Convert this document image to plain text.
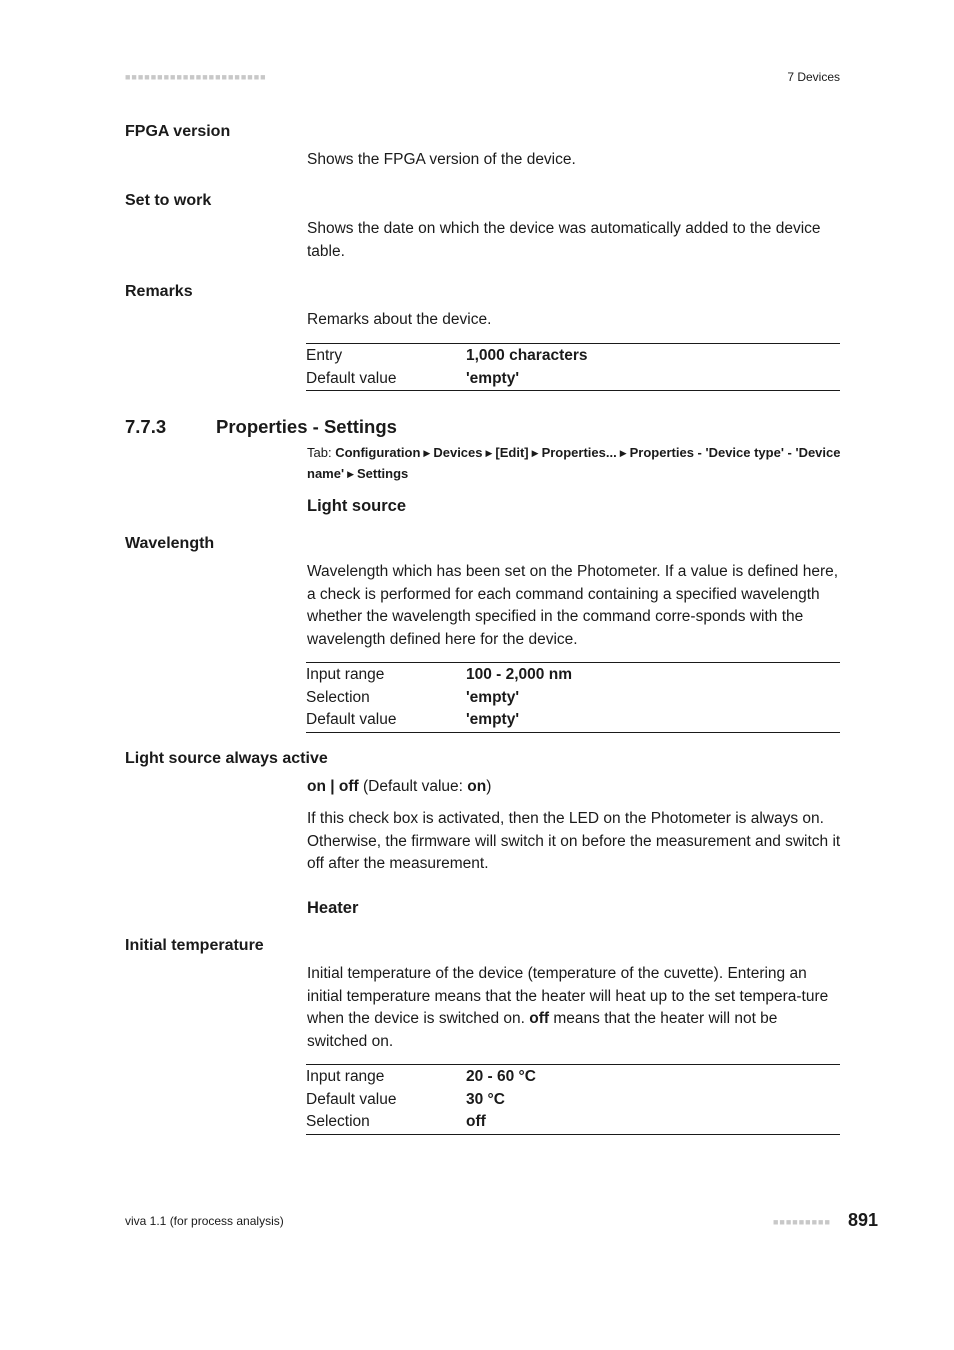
■■■■■■■■■■■■■■■■■■■■■■	7 Devices
FPGA version
Shows the FPGA version of the device.
Set to work
Shows the date on which the device was automatically added to the device table.
Remarks
Remarks about the device.
Entry	1,000 characters
Default value	'empty'
7.7.3	Properties - Settings
Tab: Configuration ▶ Devices ▶ [Edit] ▶ Properties... ▶ Properties - 'Device type' - 'Device name' ▶ Settings
Light source
Wavelength
Wavelength which has been set on the Photometer. If a value is defined here, a check is performed for each command containing a specified wavelength whether the wavelength specified in the command corre-sponds with the wavelength defined here for the device.
Input range	100 - 2,000 nm
Selection	'empty'
Default value	'empty'
Light source always active
on | off (Default value: on)
If this check box is activated, then the LED on the Photometer is always on. Otherwise, the firmware will switch it on before the measurement and switch it off after the measurement.
Heater
Initial temperature
Initial temperature of the device (temperature of the cuvette). Entering an initial temperature means that the heater will heat up to the set tempera-ture when the device is switched on. off means that the heater will not be switched on.
Input range	20 - 60 °C
Default value	30 °C
Selection	off
viva 1.1 (for process analysis)	■■■■■■■■■ 891
